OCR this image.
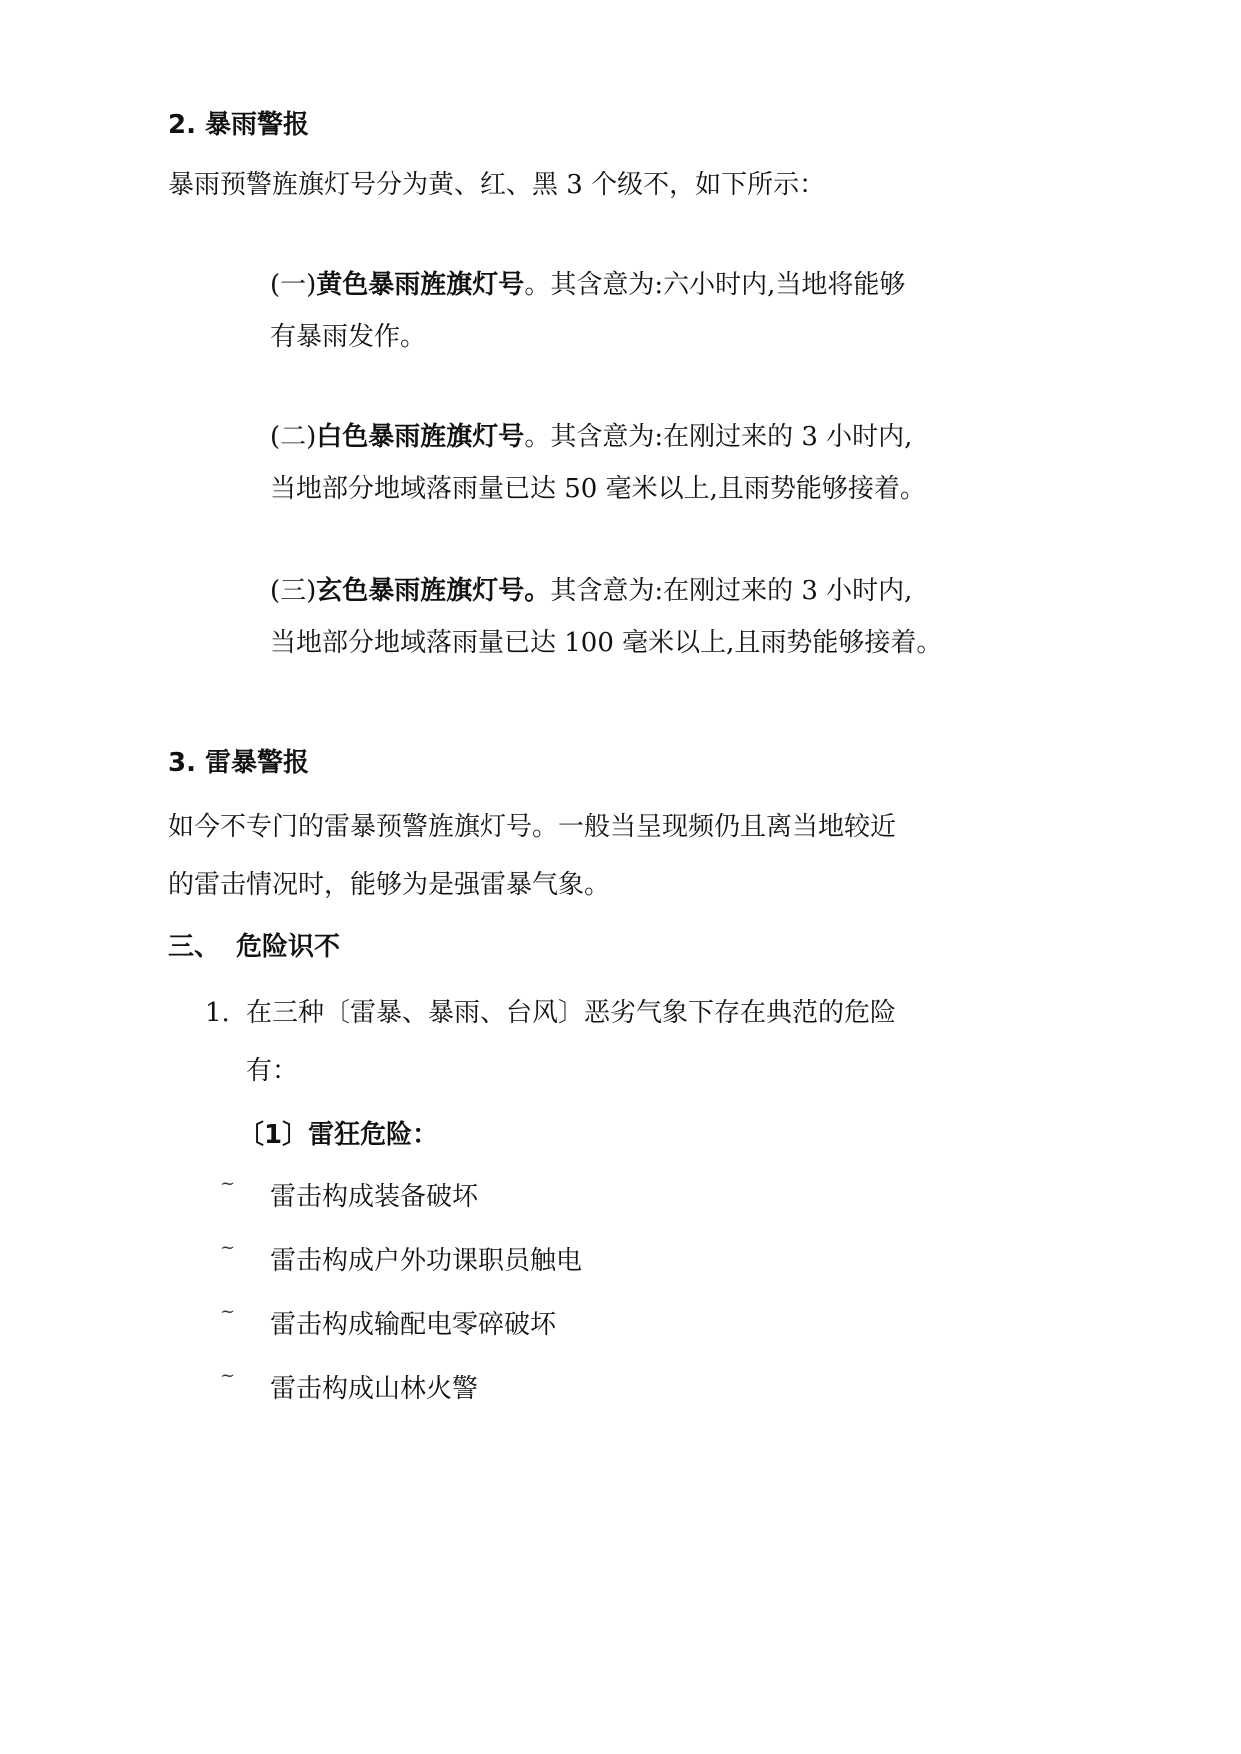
2. 暴雨警报
暴雨预警旌旗灯号分为黄、红、黑 3 个级不，如下所示：
(一)黄色暴雨旌旗灯号。其含意为:六小时内,当地将能够
有暴雨发作。
(二)白色暴雨旌旗灯号。其含意为:在刚过来的 3 小时内,
当地部分地域落雨量已达 50 毫米以上,且雨势能够接着。
(三)玄色暴雨旌旗灯号。其含意为:在刚过来的 3 小时内,
当地部分地域落雨量已达 100 毫米以上,且雨势能够接着。
3. 雷暴警报
如今不专门的雷暴预警旌旗灯号。一般当呈现频仍且离当地较近
的雷击情况时，能够为是强雷暴气象。
三、 危险识不
1. 在三种〔雷暴、暴雨、台风〕恶劣气象下存在典范的危险
有：
〔1〕雷狂危险：
~ 雷击构成装备破坏
~ 雷击构成户外功课职员触电
~ 雷击构成输配电零碎破坏
~ 雷击构成山林火警
